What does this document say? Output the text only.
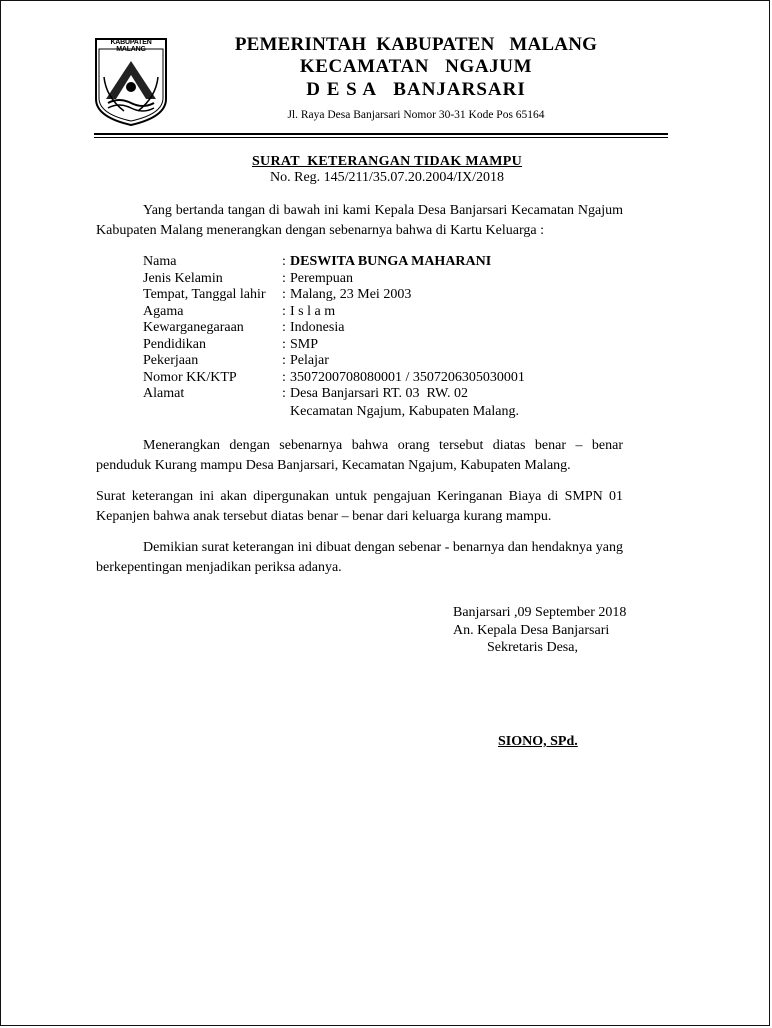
KABUPATEN MALANG	PEMERINTAH  KABUPATEN   MALANG
KECAMATAN   NGAJUM
D E S A   BANJARSARI
Jl. Raya Desa Banjarsari Nomor 30-31 Kode Pos 65164
SURAT  KETERANGAN TIDAK MAMPU
No. Reg. 145/211/35.07.20.2004/IX/2018

Yang bertanda tangan di bawah ini kami Kepala Desa Banjarsari Kecamatan Ngajum Kabupaten Malang menerangkan dengan sebenarnya bahwa di Kartu Keluarga :

Nama	: DESWITA BUNGA MAHARANI
Jenis Kelamin	: Perempuan
Tempat, Tanggal lahir	: Malang, 23 Mei 2003
Agama	: I s l a m
Kewarganegaraan	: Indonesia
Pendidikan	: SMP
Pekerjaan	: Pelajar
Nomor KK/KTP	: 3507200708080001 / 3507206305030001
Alamat	: Desa Banjarsari RT. 03  RW. 02
Kecamatan Ngajum, Kabupaten Malang.

Menerangkan dengan sebenarnya bahwa orang tersebut diatas benar – benar penduduk Kurang mampu Desa Banjarsari, Kecamatan Ngajum, Kabupaten Malang.

Surat keterangan ini akan dipergunakan untuk pengajuan Keringanan Biaya di SMPN 01 Kepanjen bahwa anak tersebut diatas benar – benar dari keluarga kurang mampu.

Demikian surat keterangan ini dibuat dengan sebenar - benarnya dan hendaknya yang berkepentingan menjadikan periksa adanya.

Banjarsari ,09 September 2018
An. Kepala Desa Banjarsari
Sekretaris Desa,
SIONO, SPd.
